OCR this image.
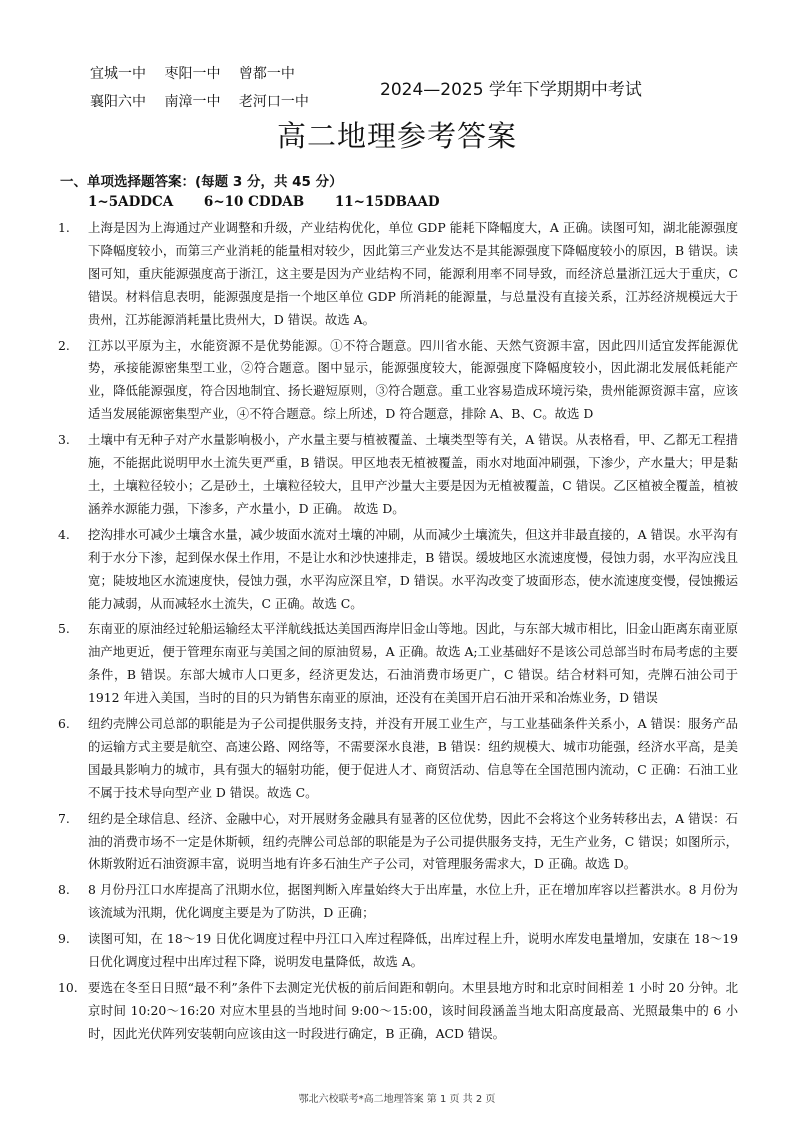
宜城一中 枣阳一中 曾都一中
襄阳六中 南漳一中 老河口一中
2024—2025 学年下学期期中考试
高二地理参考答案
一、单项选择题答案：(每题 3 分，共 45 分）
1~5ADDCA 6~10 CDDAB 11~15DBAAD
1. 上海是因为上海通过产业调整和升级，产业结构优化，单位 GDP 能耗下降幅度大，A 正确。读图可知，湖北能源强度下降幅度较小，而第三产业消耗的能量相对较少，因此第三产业发达不是其能源强度下降幅度较小的原因，B 错误。读图可知，重庆能源强度高于浙江，这主要是因为产业结构不同，能源利用率不同导致，而经济总量浙江远大于重庆，C 错误。材料信息表明，能源强度是指一个地区单位 GDP 所消耗的能源量，与总量没有直接关系，江苏经济规模远大于贵州，江苏能源消耗量比贵州大，D 错误。故选 A。
2. 江苏以平原为主，水能资源不是优势能源。①不符合题意。四川省水能、天然气资源丰富，因此四川适宜发挥能源优势，承接能源密集型工业，②符合题意。图中显示，能源强度较大，能源强度下降幅度较小，因此湖北发展低耗能产业，降低能源强度，符合因地制宜、扬长避短原则，③符合题意。重工业容易造成环境污染，贵州能源资源丰富，应该适当发展能源密集型产业，④不符合题意。综上所述，D 符合题意，排除 A、B、C。故选 D
3. 土壤中有无种子对产水量影响极小，产水量主要与植被覆盖、土壤类型等有关，A 错误。从表格看，甲、乙都无工程措施，不能据此说明甲水土流失更严重，B 错误。甲区地表无植被覆盖，雨水对地面冲刷强，下渗少，产水量大；甲是黏土，土壤粒径较小；乙是砂土，土壤粒径较大，且甲产沙量大主要是因为无植被覆盖，C 错误。乙区植被全覆盖，植被涵养水源能力强，下渗多，产水量小，D 正确。 故选 D。
4. 挖沟排水可减少土壤含水量，减少坡面水流对土壤的冲刷，从而减少土壤流失，但这并非最直接的，A 错误。水平沟有利于水分下渗，起到保水保土作用，不是让水和沙快速排走，B 错误。缓坡地区水流速度慢，侵蚀力弱，水平沟应浅且宽；陡坡地区水流速度快，侵蚀力强，水平沟应深且窄，D 错误。水平沟改变了坡面形态，使水流速度变慢，侵蚀搬运能力减弱，从而减轻水土流失，C 正确。故选 C。
5. 东南亚的原油经过轮船运输经太平洋航线抵达美国西海岸旧金山等地。因此，与东部大城市相比，旧金山距离东南亚原油产地更近，便于管理东南亚与美国之间的原油贸易，A 正确。故选 A;工业基础好不是该公司总部当时布局考虑的主要条件，B 错误。东部大城市人口更多，经济更发达，石油消费市场更广，C 错误。结合材料可知，壳牌石油公司于 1912 年进入美国，当时的目的只为销售东南亚的原油，还没有在美国开启石油开采和冶炼业务，D 错误
6. 纽约壳牌公司总部的职能是为子公司提供服务支持，并没有开展工业生产，与工业基础条件关系小，A 错误：服务产品的运输方式主要是航空、高速公路、网络等，不需要深水良港，B 错误：纽约规模大、城市功能强，经济水平高，是美国最具影响力的城市，具有强大的辐射功能，便于促进人才、商贸活动、信息等在全国范围内流动，C 正确：石油工业不属于技术导向型产业 D 错误。故选 C。
7. 纽约是全球信息、经济、金融中心，对开展财务金融具有显著的区位优势，因此不会将这个业务转移出去，A 错误：石油的消费市场不一定是休斯顿，纽约壳牌公司总部的职能是为子公司提供服务支持，无生产业务，C 错误；如图所示，休斯敦附近石油资源丰富，说明当地有许多石油生产子公司，对管理服务需求大，D 正确。故选 D。
8. 8 月份丹江口水库提高了汛期水位，据图判断入库量始终大于出库量，水位上升，正在增加库容以拦蓄洪水。8 月份为该流域为汛期，优化调度主要是为了防洪，D 正确；
9. 读图可知，在 18～19 日优化调度过程中丹江口入库过程降低，出库过程上升，说明水库发电量增加，安康在 18～19 日优化调度过程中出库过程下降，说明发电量降低，故选 A。
10. 要选在冬至日日照“最不利”条件下去测定光伏板的前后间距和朝向。木里县地方时和北京时间相差 1 小时 20 分钟。北京时间 10:20～16:20 对应木里县的当地时间 9:00～15:00，该时间段涵盖当地太阳高度最高、光照最集中的 6 小时，因此光伏阵列安装朝向应该由这一时段进行确定，B 正确，ACD 错误。
鄂北六校联考*高二地理答案 第 1 页 共 2 页
